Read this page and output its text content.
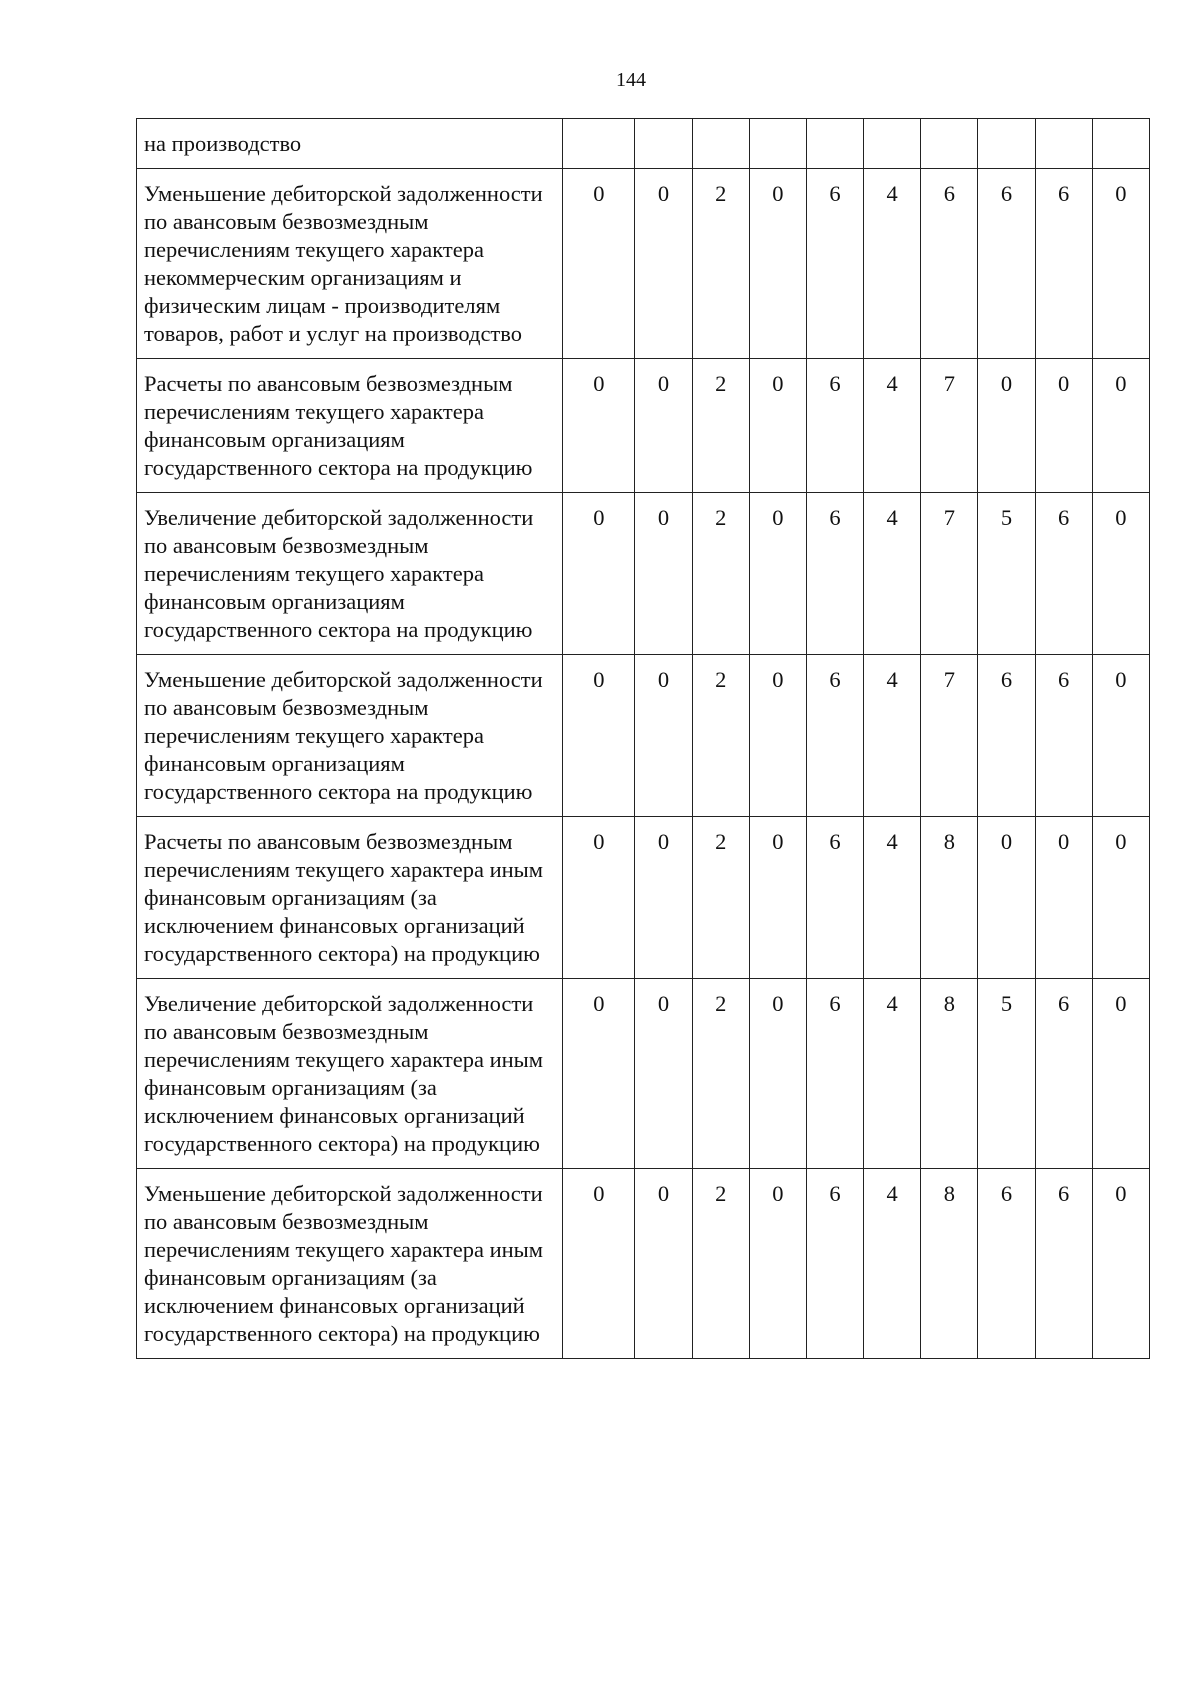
144
на производство										
Уменьшение дебиторской задолженности по авансовым безвозмездным перечислениям текущего характера некоммерческим организациям и физическим лицам - производителям товаров, работ и услуг на производство	0	0	2	0	6	4	6	6	6	0
Расчеты по авансовым безвозмездным перечислениям текущего характера финансовым организациям государственного сектора на продукцию	0	0	2	0	6	4	7	0	0	0
Увеличение дебиторской задолженности по авансовым безвозмездным перечислениям текущего характера финансовым организациям государственного сектора на продукцию	0	0	2	0	6	4	7	5	6	0
Уменьшение дебиторской задолженности по авансовым безвозмездным перечислениям текущего характера финансовым организациям государственного сектора на продукцию	0	0	2	0	6	4	7	6	6	0
Расчеты по авансовым безвозмездным перечислениям текущего характера иным финансовым организациям (за исключением финансовых организаций государственного сектора) на продукцию	0	0	2	0	6	4	8	0	0	0
Увеличение дебиторской задолженности по авансовым безвозмездным перечислениям текущего характера иным финансовым организациям (за исключением финансовых организаций государственного сектора) на продукцию	0	0	2	0	6	4	8	5	6	0
Уменьшение дебиторской задолженности по авансовым безвозмездным перечислениям текущего характера иным финансовым организациям (за исключением финансовых организаций государственного сектора) на продукцию	0	0	2	0	6	4	8	6	6	0
